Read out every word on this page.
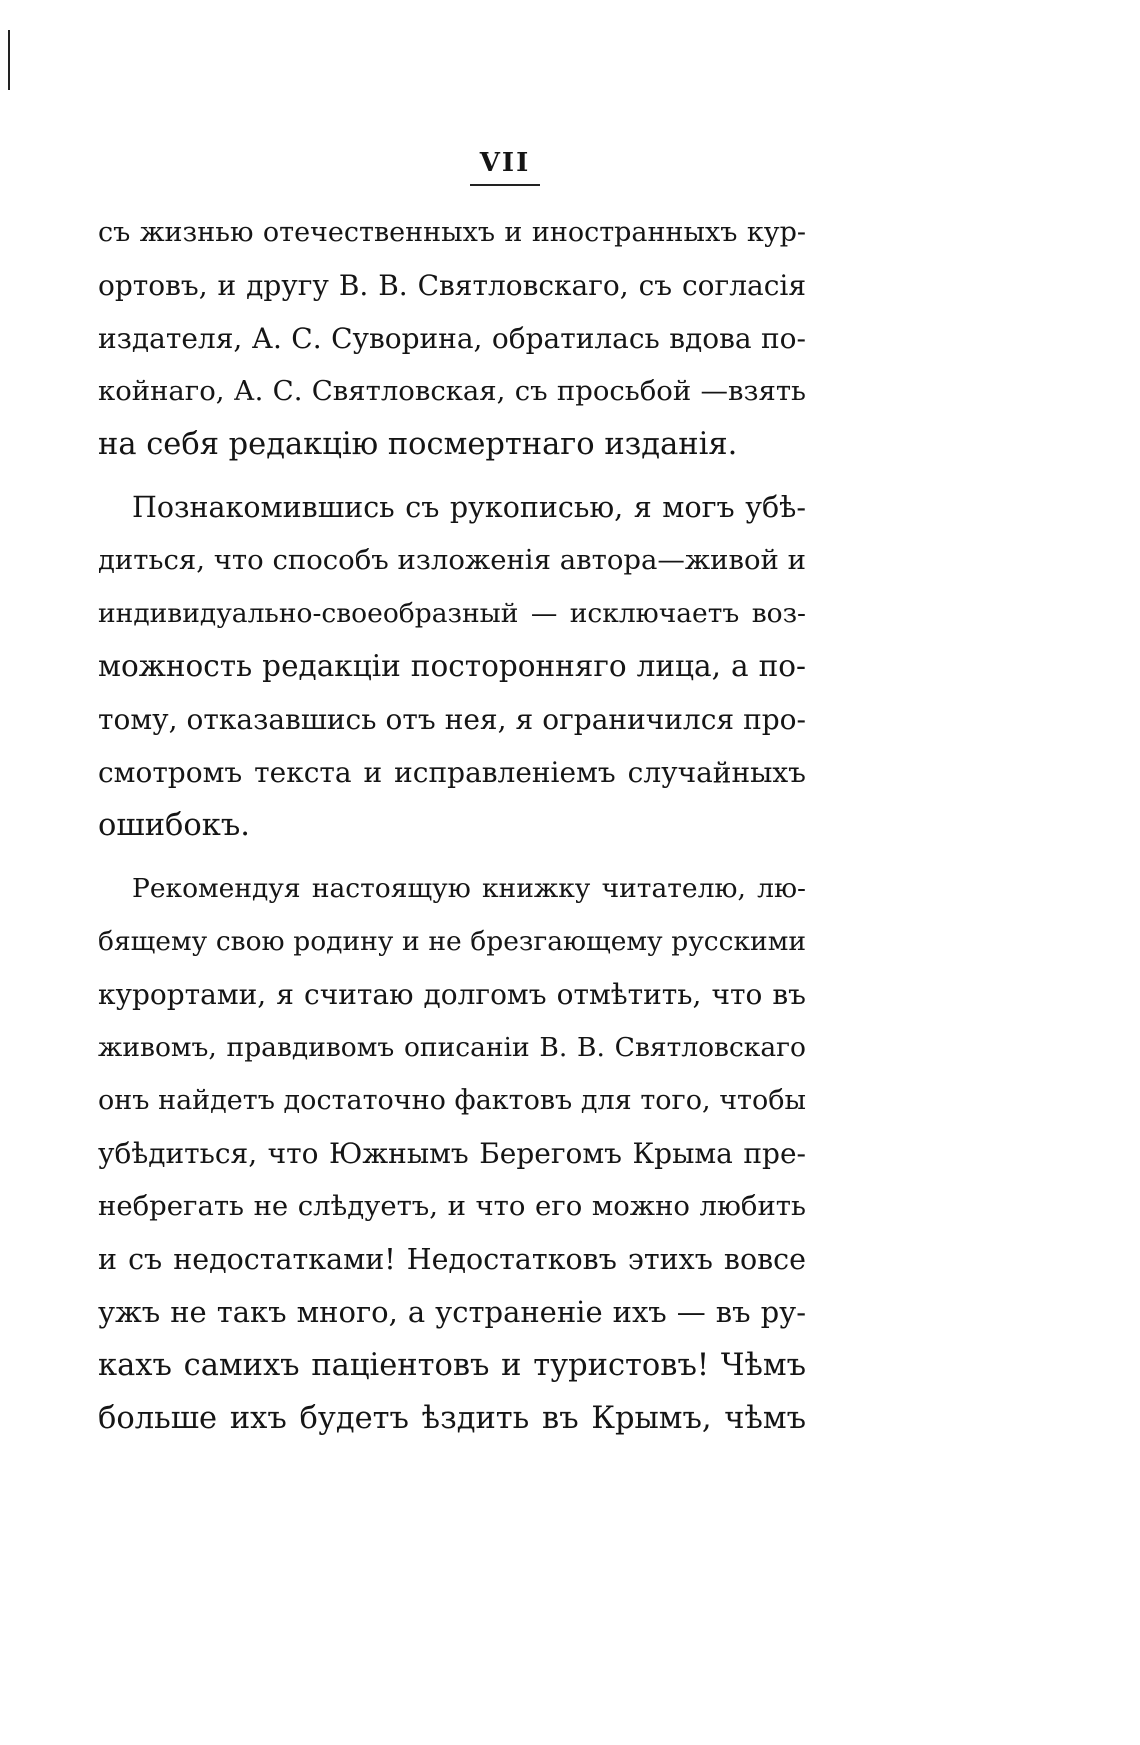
VII

съ жизнью отечественныхъ и иностранныхъ кур-
ортовъ, и другу В. В. Святловскаго, съ согласія
издателя, А. С. Суворина, обратилась вдова по-
койнаго, А. С. Святловская, съ просьбой —взять
на себя редакцію посмертнаго изданія.

Познакомившись съ рукописью, я могъ убѣ-
диться, что способъ изложенія автора—живой и
индивидуально-своеобразный — исключаетъ воз-
можность редакціи посторонняго лица, а по-
тому, отказавшись отъ нея, я ограничился про-
смотромъ текста и исправленіемъ случайныхъ
ошибокъ.

Рекомендуя настоящую книжку читателю, лю-
бящему свою родину и не брезгающему русскими
курортами, я считаю долгомъ отмѣтить, что въ
живомъ, правдивомъ описаніи В. В. Святловскаго
онъ найдетъ достаточно фактовъ для того, чтобы
убѣдиться, что Южнымъ Берегомъ Крыма пре-
небрегать не слѣдуетъ, и что его можно любить
и съ недостатками! Недостатковъ этихъ вовсе
ужъ не такъ много, а устраненіе ихъ — въ ру-
кахъ самихъ паціентовъ и туристовъ! Чѣмъ
больше ихъ будетъ ѣздить въ Крымъ, чѣмъ
